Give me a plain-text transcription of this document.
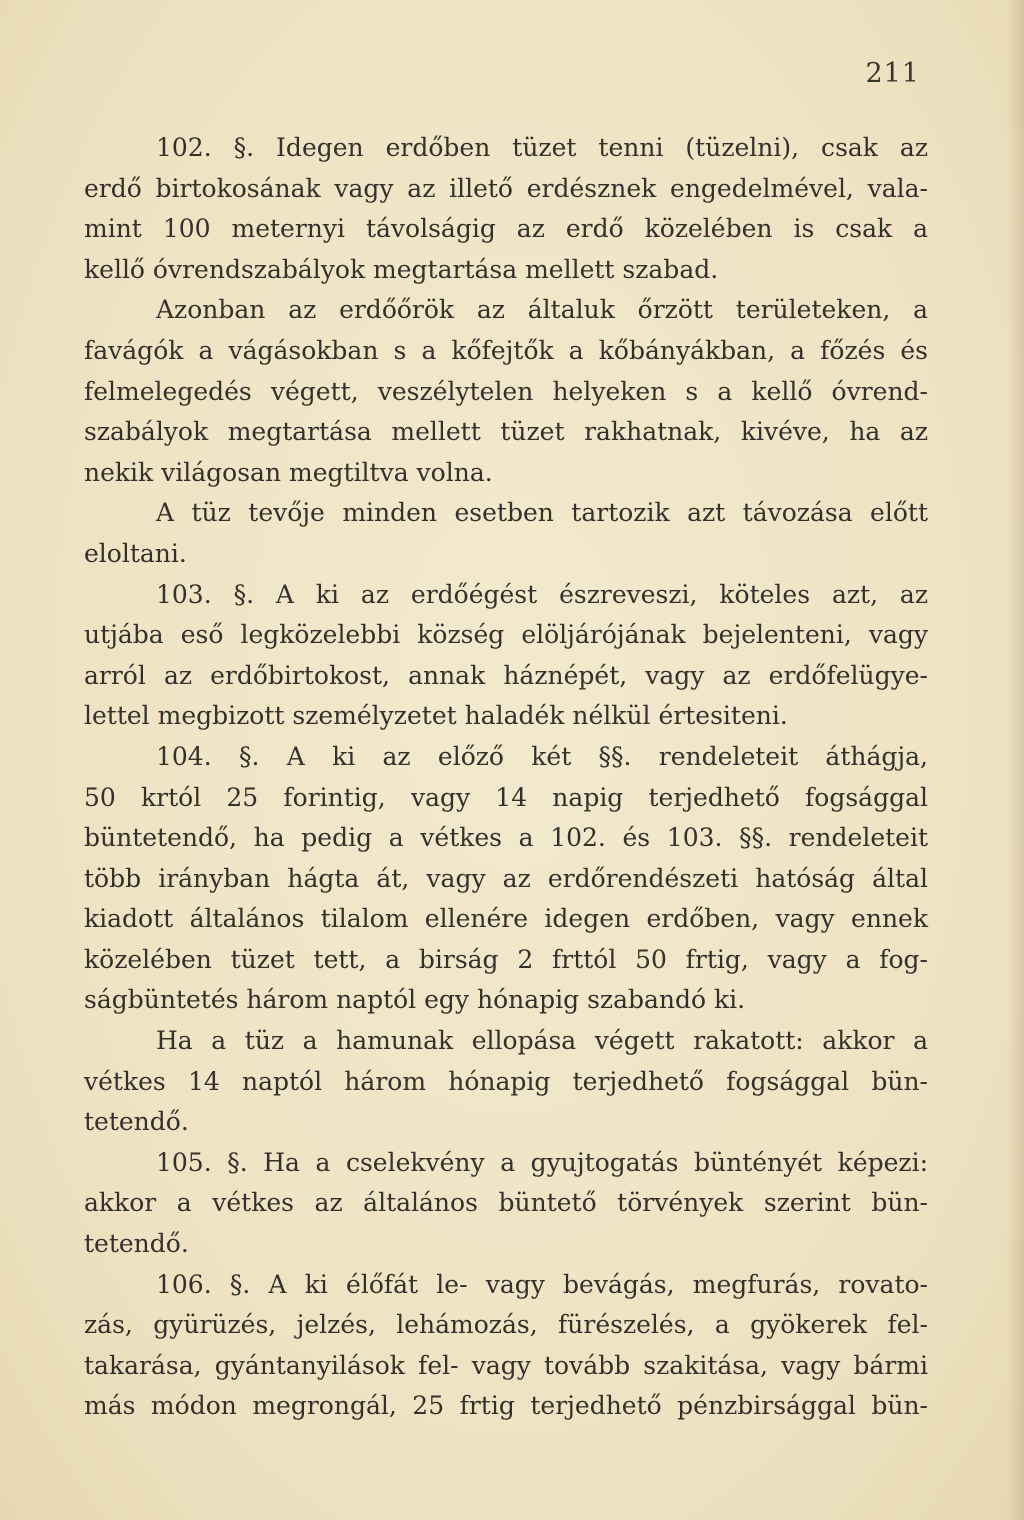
211
102. §. Idegen erdőben tüzet tenni (tüzelni), csak az
erdő birtokosának vagy az illető erdésznek engedelmével, vala-
mint 100 meternyi távolságig az erdő közelében is csak a
kellő óvrendszabályok megtartása mellett szabad.
Azonban az erdőőrök az általuk őrzött területeken, a
favágók a vágásokban s a kőfejtők a kőbányákban, a főzés és
felmelegedés végett, veszélytelen helyeken s a kellő óvrend-
szabályok megtartása mellett tüzet rakhatnak, kivéve, ha az
nekik világosan megtiltva volna.
A tüz tevője minden esetben tartozik azt távozása előtt
eloltani.
103. §. A ki az erdőégést észreveszi, köteles azt, az
utjába eső legközelebbi község elöljárójának bejelenteni, vagy
arról az erdőbirtokost, annak háznépét, vagy az erdőfelügye-
lettel megbizott személyzetet haladék nélkül értesiteni.
104. §. A ki az előző két §§. rendeleteit áthágja,
50 krtól 25 forintig, vagy 14 napig terjedhető fogsággal
büntetendő, ha pedig a vétkes a 102. és 103. §§. rendeleteit
több irányban hágta át, vagy az erdőrendészeti hatóság által
kiadott általános tilalom ellenére idegen erdőben, vagy ennek
közelében tüzet tett, a birság 2 frttól 50 frtig, vagy a fog-
ságbüntetés három naptól egy hónapig szabandó ki.
Ha a tüz a hamunak ellopása végett rakatott: akkor a
vétkes 14 naptól három hónapig terjedhető fogsággal bün-
tetendő.
105. §. Ha a cselekvény a gyujtogatás büntényét képezi:
akkor a vétkes az általános büntető törvények szerint bün-
tetendő.
106. §. A ki élőfát le- vagy bevágás, megfurás, rovato-
zás, gyürüzés, jelzés, lehámozás, fürészelés, a gyökerek fel-
takarása, gyántanyilások fel- vagy tovább szakitása, vagy bármi
más módon megrongál, 25 frtig terjedhető pénzbirsággal bün-
